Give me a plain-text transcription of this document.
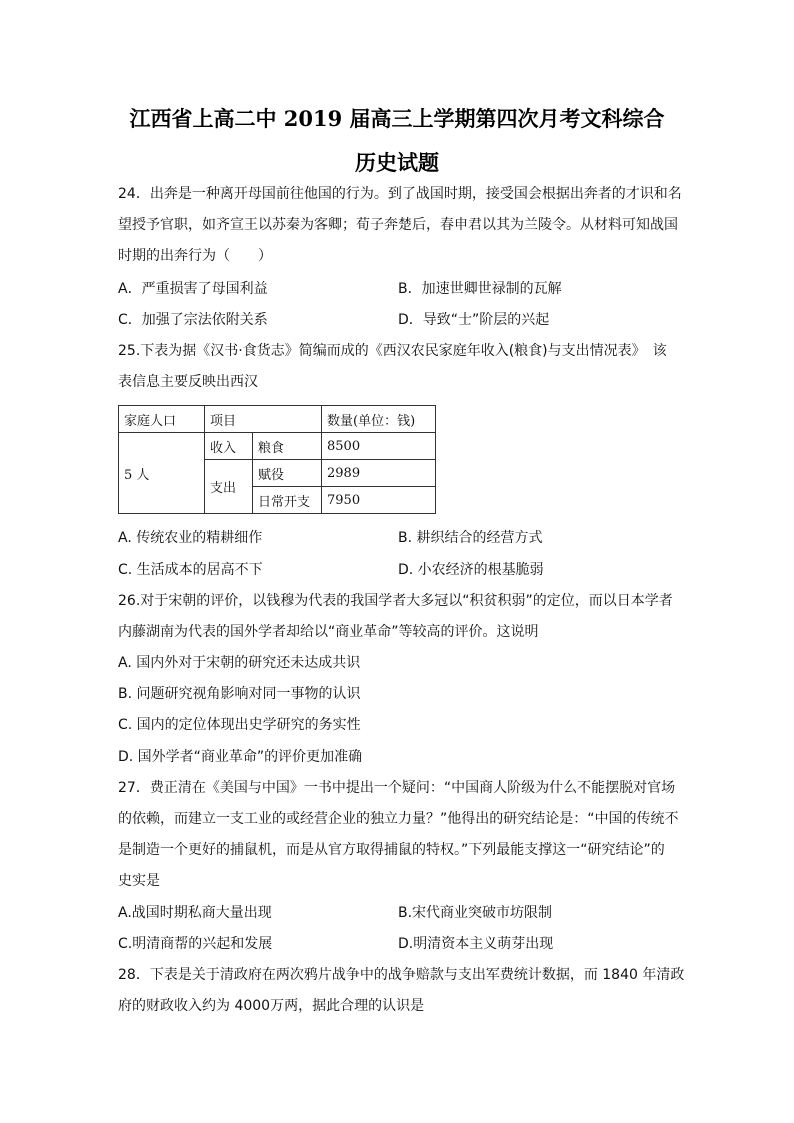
江西省上高二中 2019 届高三上学期第四次月考文科综合
历史试题
24．出奔是一种离开母国前往他国的行为。到了战国时期，接受国会根据出奔者的才识和名
望授予官职，如齐宣王以苏秦为客卿；荀子奔楚后，春申君以其为兰陵令。从材料可知战国
时期的出奔行为（　　）
A．严重损害了母国利益	B．加速世卿世禄制的瓦解
C．加强了宗法依附关系	D．导致“士”阶层的兴起
25.下表为据《汉书·食货志》简编而成的《西汉农民家庭年收入(粮食)与支出情况表》　该
表信息主要反映出西汉
家庭人口	项目		数量(单位：钱)
5 人	收入	粮食	8500
	支出	赋役	2989
		日常开支	7950
A. 传统农业的精耕细作	B. 耕织结合的经营方式
C. 生活成本的居高不下	D. 小农经济的根基脆弱
26.对于宋朝的评价，以钱穆为代表的我国学者大多冠以“积贫积弱”的定位，而以日本学者
内藤湖南为代表的国外学者却给以“商业革命”等较高的评价。这说明
A. 国内外对于宋朝的研究还未达成共识
B. 问题研究视角影响对同一事物的认识
C. 国内的定位体现出史学研究的务实性
D. 国外学者“商业革命”的评价更加准确
27．费正清在《美国与中国》一书中提出一个疑问：“中国商人阶级为什么不能摆脱对官场
的依赖，而建立一支工业的或经营企业的独立力量？”他得出的研究结论是：“中国的传统不
是制造一个更好的捕鼠机，而是从官方取得捕鼠的特权。”下列最能支撑这一“研究结论”的
史实是
A.战国时期私商大量出现	B.宋代商业突破市坊限制
C.明清商帮的兴起和发展	D.明清资本主义萌芽出现
28．下表是关于清政府在两次鸦片战争中的战争赔款与支出军费统计数据，而 1840 年清政
府的财政收入约为 4000万两，据此合理的认识是
